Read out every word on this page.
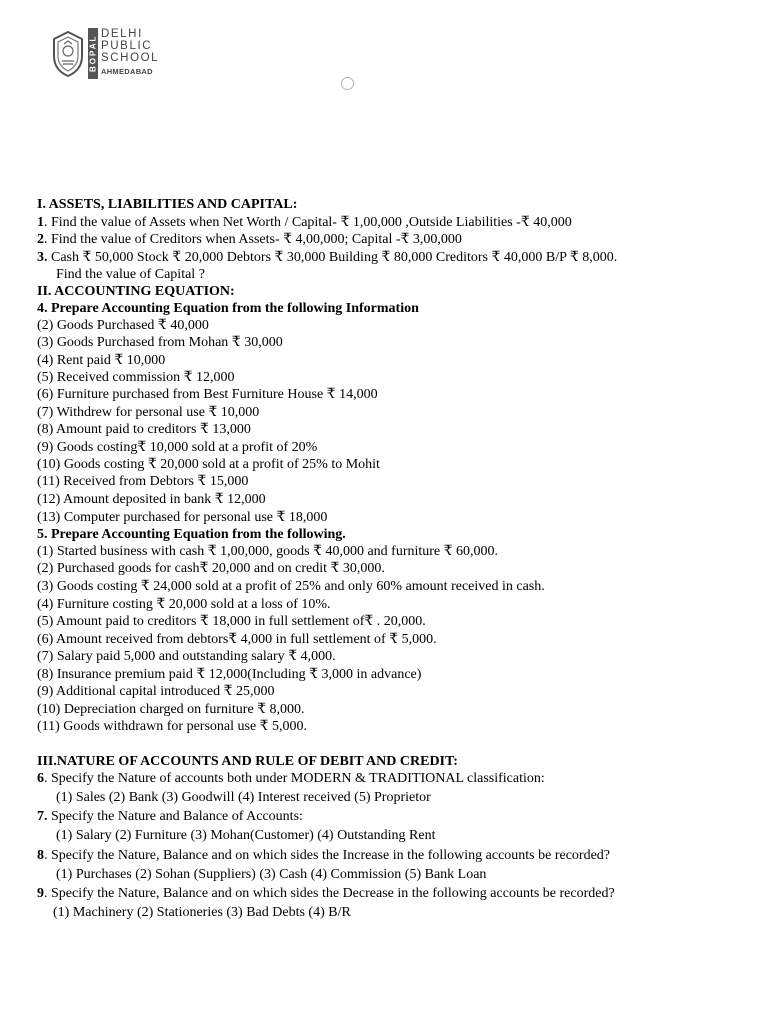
BOPAL
DELHI
PUBLIC
SCHOOL
AHMEDABAD
I. ASSETS, LIABILITIES AND CAPITAL:
1. Find the value of Assets when Net Worth / Capital- ₹ 1,00,000 ,Outside Liabilities -₹ 40,000
2. Find the value of Creditors when Assets- ₹ 4,00,000; Capital -₹ 3,00,000
3. Cash ₹ 50,000 Stock ₹ 20,000 Debtors ₹ 30,000 Building ₹ 80,000 Creditors ₹ 40,000 B/P ₹ 8,000.
Find the value of Capital ?
II. ACCOUNTING EQUATION:
4. Prepare Accounting Equation from the following Information
(2) Goods Purchased ₹ 40,000
(3) Goods Purchased from Mohan ₹ 30,000
(4) Rent paid ₹ 10,000
(5) Received commission ₹ 12,000
(6) Furniture purchased from Best Furniture House ₹ 14,000
(7) Withdrew for personal use ₹ 10,000
(8) Amount paid to creditors ₹ 13,000
(9) Goods costing₹ 10,000 sold at a profit of 20%
(10) Goods costing ₹ 20,000 sold at a profit of 25% to Mohit
(11) Received from Debtors ₹ 15,000
(12) Amount deposited in bank ₹ 12,000
(13) Computer purchased for personal use ₹ 18,000
5. Prepare Accounting Equation from the following.
(1) Started business with cash ₹ 1,00,000, goods ₹ 40,000 and furniture ₹ 60,000.
(2) Purchased goods for cash₹ 20,000 and on credit ₹ 30,000.
(3) Goods costing ₹ 24,000 sold at a profit of 25% and only 60% amount received in cash.
(4) Furniture costing ₹ 20,000 sold at a loss of 10%.
(5) Amount paid to creditors ₹ 18,000 in full settlement of₹ . 20,000.
(6) Amount received from debtors₹ 4,000 in full settlement of ₹ 5,000.
(7) Salary paid 5,000 and outstanding salary ₹ 4,000.
(8) Insurance premium paid ₹ 12,000(Including ₹ 3,000 in advance)
(9) Additional capital introduced ₹ 25,000
(10) Depreciation charged on furniture ₹ 8,000.
(11) Goods withdrawn for personal use ₹ 5,000.
III.NATURE OF ACCOUNTS AND RULE OF DEBIT AND CREDIT:
6. Specify the Nature of accounts both under MODERN & TRADITIONAL classification:
(1) Sales (2) Bank (3) Goodwill (4) Interest received (5) Proprietor
7. Specify the Nature and Balance of Accounts:
(1) Salary (2) Furniture (3) Mohan(Customer) (4) Outstanding Rent
8. Specify the Nature, Balance and on which sides the Increase in the following accounts be recorded?
(1) Purchases (2) Sohan (Suppliers) (3) Cash (4) Commission (5) Bank Loan
9. Specify the Nature, Balance and on which sides the Decrease in the following accounts be recorded?
(1) Machinery (2) Stationeries (3) Bad Debts (4) B/R
